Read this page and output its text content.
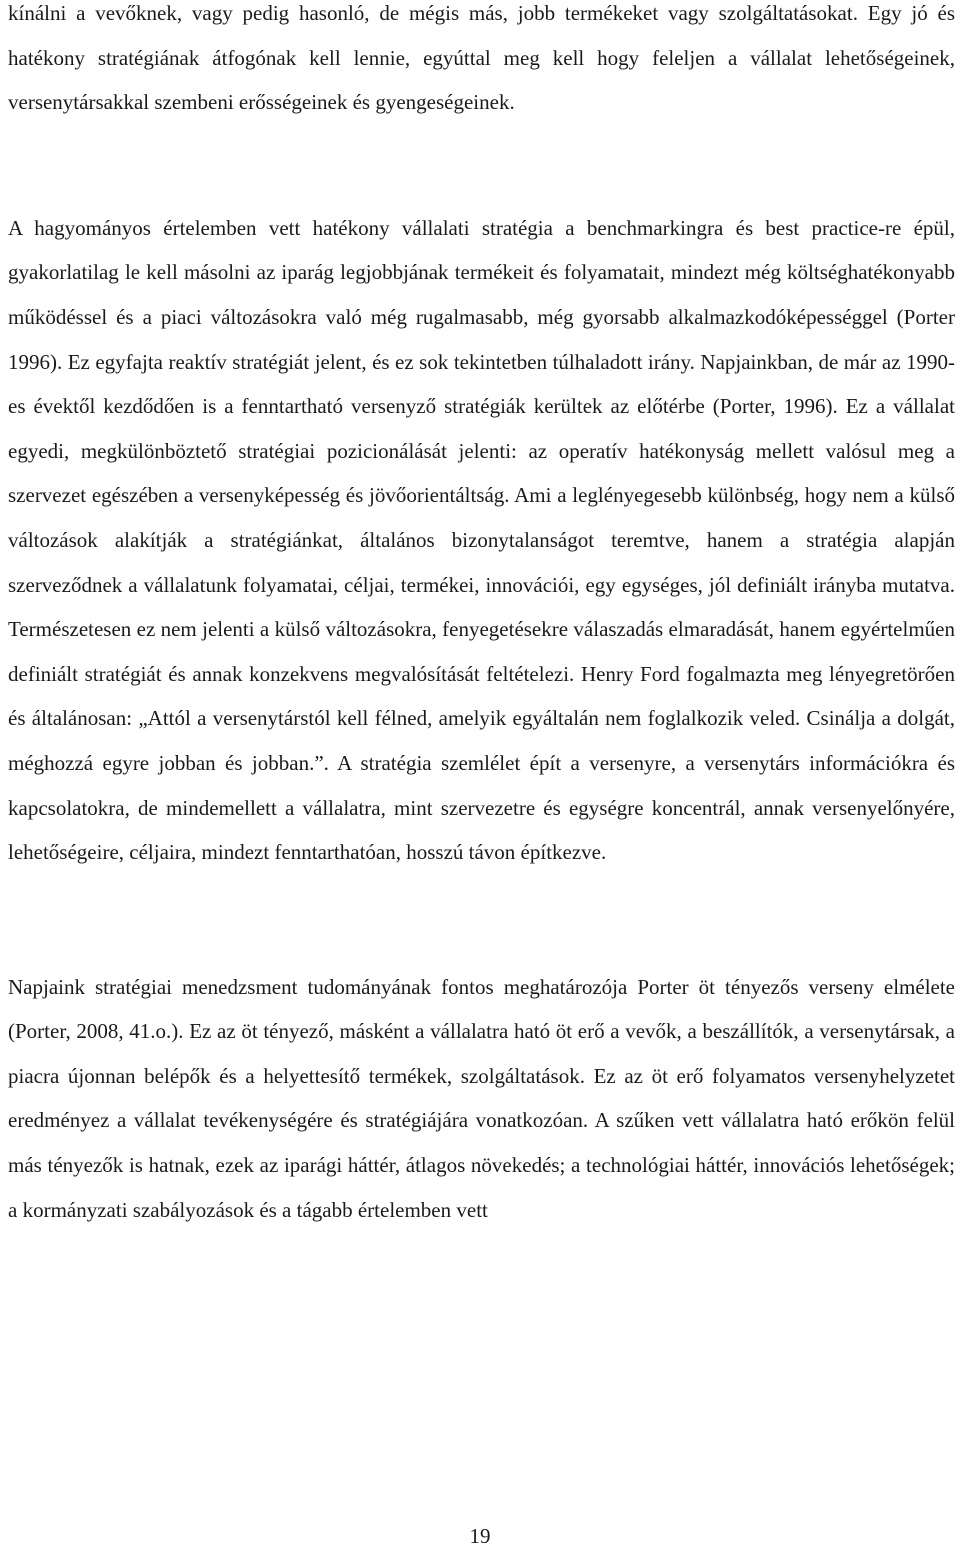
kínálni a vevőknek, vagy pedig hasonló, de mégis más, jobb termékeket vagy szolgáltatásokat. Egy jó és hatékony stratégiának átfogónak kell lennie, egyúttal meg kell hogy feleljen a vállalat lehetőségeinek, versenytársakkal szembeni erősségeinek és gyengeségeinek.

A hagyományos értelemben vett hatékony vállalati stratégia a benchmarkingra és best practice-re épül, gyakorlatilag le kell másolni az iparág legjobbjának termékeit és folyamatait, mindezt még költséghatékonyabb működéssel és a piaci változásokra való még rugalmasabb, még gyorsabb alkalmazkodóképességgel (Porter 1996). Ez egyfajta reaktív stratégiát jelent, és ez sok tekintetben túlhaladott irány. Napjainkban, de már az 1990-es évektől kezdődően is a fenntartható versenyző stratégiák kerültek az előtérbe (Porter, 1996). Ez a vállalat egyedi, megkülönböztető stratégiai pozicionálását jelenti: az operatív hatékonyság mellett valósul meg a szervezet egészében a versenyképesség és jövőorientáltság. Ami a leglényegesebb különbség, hogy nem a külső változások alakítják a stratégiánkat, általános bizonytalanságot teremtve, hanem a stratégia alapján szerveződnek a vállalatunk folyamatai, céljai, termékei, innovációi, egy egységes, jól definiált irányba mutatva. Természetesen ez nem jelenti a külső változásokra, fenyegetésekre válaszadás elmaradását, hanem egyértelműen definiált stratégiát és annak konzekvens megvalósítását feltételezi. Henry Ford fogalmazta meg lényegretörően és általánosan: „Attól a versenytárstól kell félned, amelyik egyáltalán nem foglalkozik veled. Csinálja a dolgát, méghozzá egyre jobban és jobban.”. A stratégia szemlélet épít a versenyre, a versenytárs információkra és kapcsolatokra, de mindemellett a vállalatra, mint szervezetre és egységre koncentrál, annak versenyelőnyére, lehetőségeire, céljaira, mindezt fenntarthatóan, hosszú távon építkezve.

Napjaink stratégiai menedzsment tudományának fontos meghatározója Porter öt tényezős verseny elmélete (Porter, 2008, 41.o.). Ez az öt tényező, másként a vállalatra ható öt erő a vevők, a beszállítók, a versenytársak, a piacra újonnan belépők és a helyettesítő termékek, szolgáltatások. Ez az öt erő folyamatos versenyhelyzetet eredményez a vállalat tevékenységére és stratégiájára vonatkozóan. A szűken vett vállalatra ható erőkön felül más tényezők is hatnak, ezek az iparági háttér, átlagos növekedés; a technológiai háttér, innovációs lehetőségek; a kormányzati szabályozások és a tágabb értelemben vett

19
